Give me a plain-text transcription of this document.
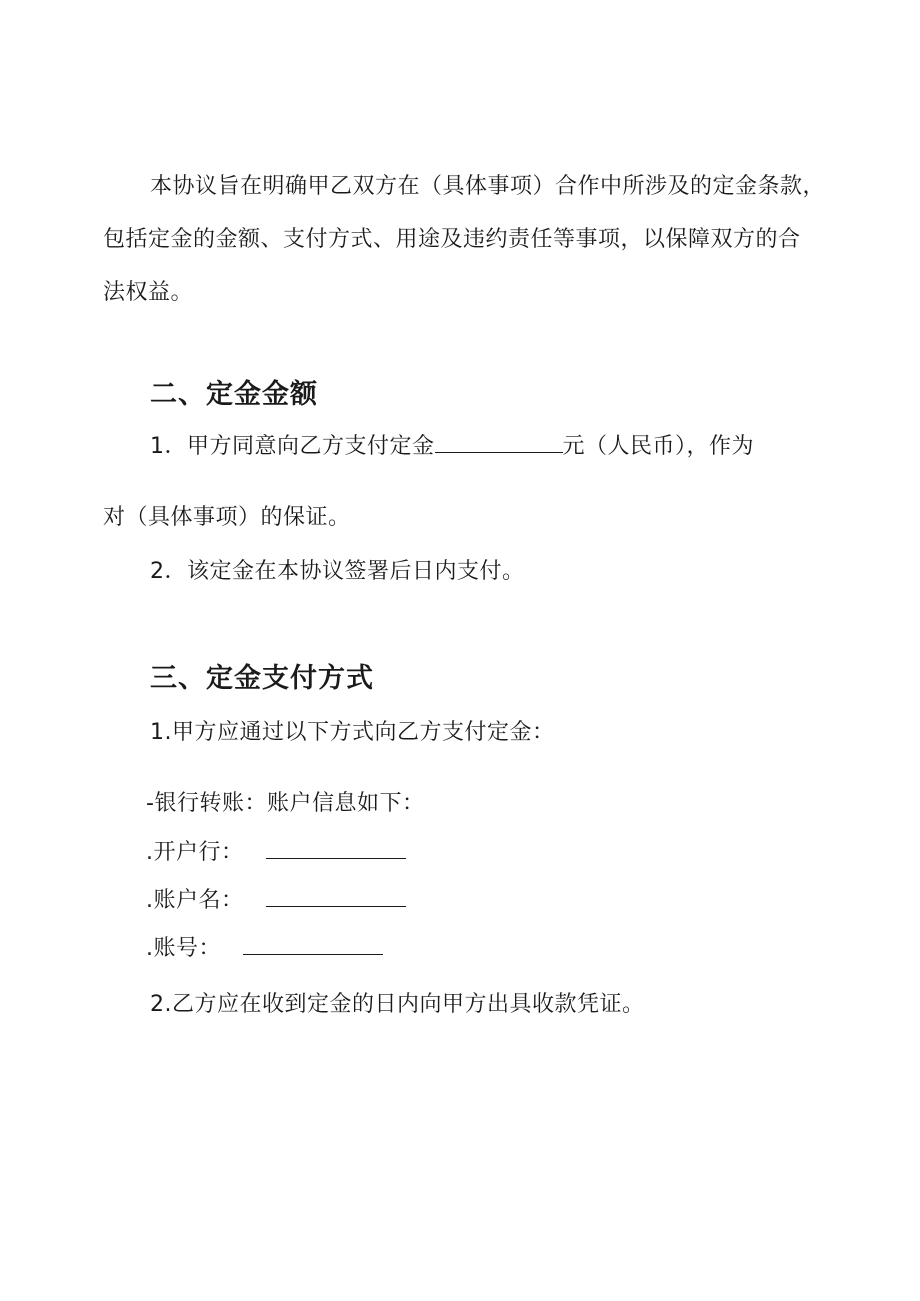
本协议旨在明确甲乙双方在（具体事项）合作中所涉及的定金条款，
包括定金的金额、支付方式、用途及违约责任等事项，以保障双方的合
法权益。
二、定金金额
1．甲方同意向乙方支付定金	元（人民币），作为
对（具体事项）的保证。
2．该定金在本协议签署后日内支付。
三、定金支付方式
1.甲方应通过以下方式向乙方支付定金：
-银行转账：账户信息如下：
.开户行：
.账户名：
.账号：
2.乙方应在收到定金的日内向甲方出具收款凭证。
